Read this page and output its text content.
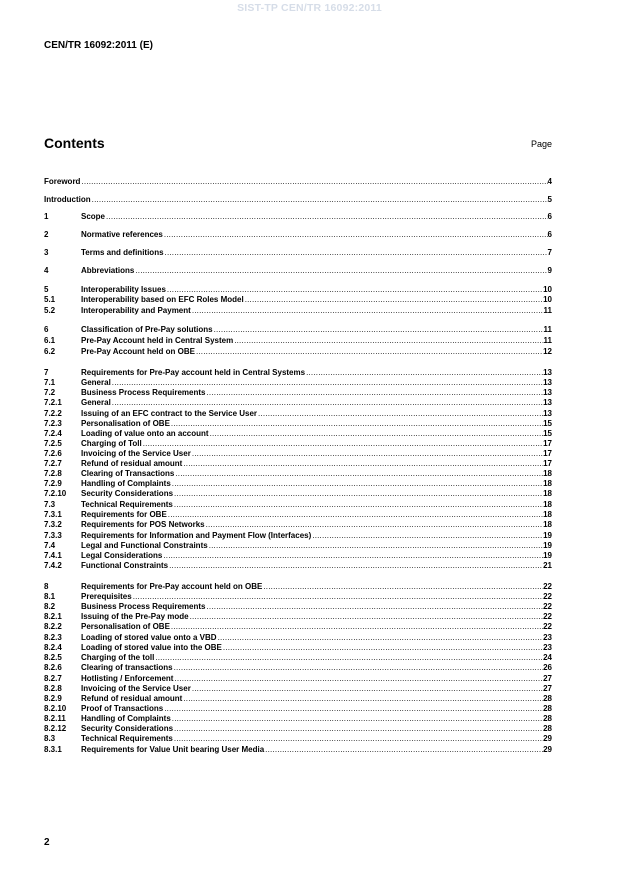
SIST-TP CEN/TR 16092:2011
CEN/TR 16092:2011 (E)
Contents	Page
Foreword .....	4
Introduction .....	5
1	Scope .....	6
2	Normative references .....	6
3	Terms and definitions .....	7
4	Abbreviations .....	9
5	Interoperability Issues .....	10
5.1	Interoperability based on EFC Roles Model .....	10
5.2	Interoperability and Payment .....	11
6	Classification of Pre-Pay solutions .....	11
6.1	Pre-Pay Account held in Central System .....	11
6.2	Pre-Pay Account held on OBE .....	12
7	Requirements for Pre-Pay account held in Central Systems .....	13
7.1	General .....	13
7.2	Business Process Requirements .....	13
7.2.1	General .....	13
7.2.2	Issuing of an EFC contract to the Service User .....	13
7.2.3	Personalisation of OBE .....	15
7.2.4	Loading of value onto an account .....	15
7.2.5	Charging of Toll .....	17
7.2.6	Invoicing of the Service User .....	17
7.2.7	Refund of residual amount .....	17
7.2.8	Clearing of Transactions .....	18
7.2.9	Handling of Complaints .....	18
7.2.10	Security Considerations .....	18
7.3	Technical Requirements .....	18
7.3.1	Requirements for OBE .....	18
7.3.2	Requirements for POS Networks .....	18
7.3.3	Requirements for Information and Payment Flow (Interfaces) .....	19
7.4	Legal and Functional Constraints .....	19
7.4.1	Legal Considerations .....	19
7.4.2	Functional Constraints .....	21
8	Requirements for Pre-Pay account held on OBE .....	22
8.1	Prerequisites .....	22
8.2	Business Process Requirements .....	22
8.2.1	Issuing of the Pre-Pay mode .....	22
8.2.2	Personalisation of OBE .....	22
8.2.3	Loading of stored value onto a VBD .....	23
8.2.4	Loading of stored value into the OBE .....	23
8.2.5	Charging of the toll .....	24
8.2.6	Clearing of transactions .....	26
8.2.7	Hotlisting / Enforcement .....	27
8.2.8	Invoicing of the Service User .....	27
8.2.9	Refund of residual amount .....	28
8.2.10	Proof of Transactions .....	28
8.2.11	Handling of Complaints .....	28
8.2.12	Security Considerations .....	28
8.3	Technical Requirements .....	29
8.3.1	Requirements for Value Unit bearing User Media .....	29
2
